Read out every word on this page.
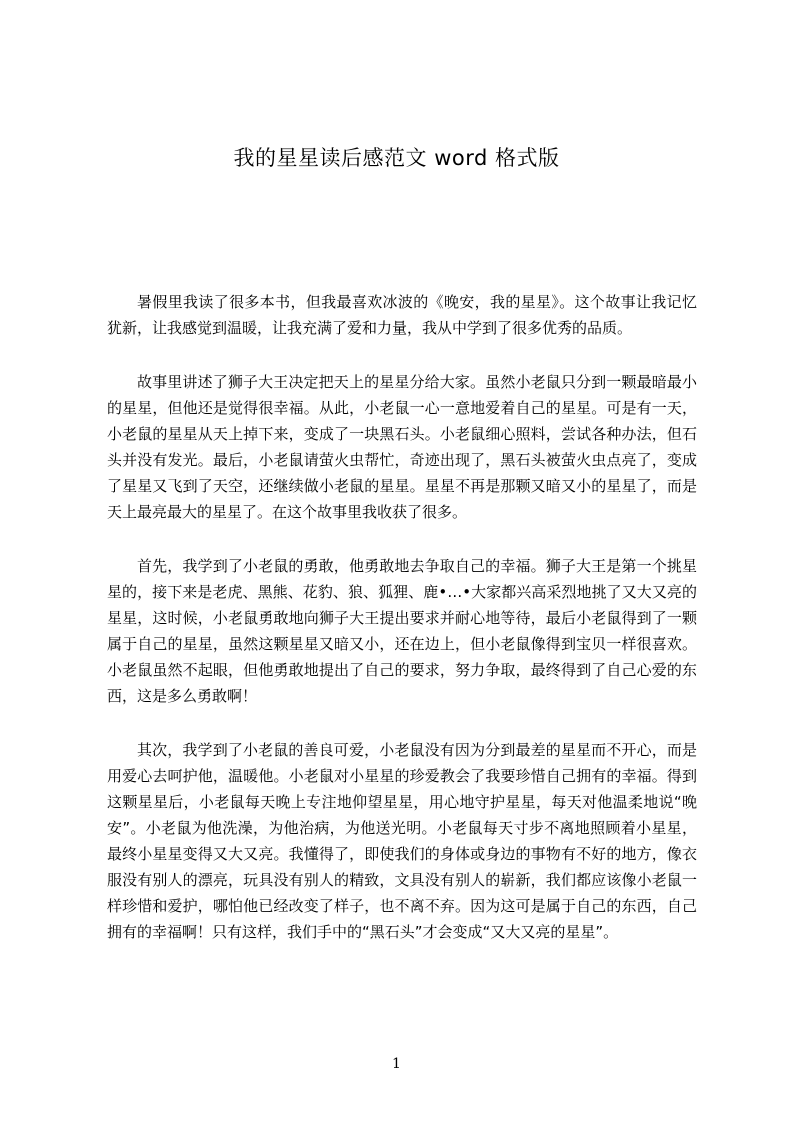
我的星星读后感范文 word 格式版

暑假里我读了很多本书，但我最喜欢冰波的《晚安，我的星星》。这个故事让我记忆犹新，让我感觉到温暖，让我充满了爱和力量，我从中学到了很多优秀的品质。

故事里讲述了狮子大王决定把天上的星星分给大家。虽然小老鼠只分到一颗最暗最小的星星，但他还是觉得很幸福。从此，小老鼠一心一意地爱着自己的星星。可是有一天，小老鼠的星星从天上掉下来，变成了一块黑石头。小老鼠细心照料，尝试各种办法，但石头并没有发光。最后，小老鼠请萤火虫帮忙，奇迹出现了，黑石头被萤火虫点亮了，变成了星星又飞到了天空，还继续做小老鼠的星星。星星不再是那颗又暗又小的星星了，而是天上最亮最大的星星了。在这个故事里我收获了很多。

首先，我学到了小老鼠的勇敢，他勇敢地去争取自己的幸福。狮子大王是第一个挑星星的，接下来是老虎、黑熊、花豹、狼、狐狸、鹿•…•大家都兴高采烈地挑了又大又亮的星星，这时候，小老鼠勇敢地向狮子大王提出要求并耐心地等待，最后小老鼠得到了一颗属于自己的星星，虽然这颗星星又暗又小，还在边上，但小老鼠像得到宝贝一样很喜欢。小老鼠虽然不起眼，但他勇敢地提出了自己的要求，努力争取，最终得到了自己心爱的东西，这是多么勇敢啊！

其次，我学到了小老鼠的善良可爱，小老鼠没有因为分到最差的星星而不开心，而是用爱心去呵护他，温暖他。小老鼠对小星星的珍爱教会了我要珍惜自己拥有的幸福。得到这颗星星后，小老鼠每天晚上专注地仰望星星，用心地守护星星，每天对他温柔地说“晚安”。小老鼠为他洗澡，为他治病，为他送光明。小老鼠每天寸步不离地照顾着小星星，最终小星星变得又大又亮。我懂得了，即使我们的身体或身边的事物有不好的地方，像衣服没有别人的漂亮，玩具没有别人的精致，文具没有别人的崭新，我们都应该像小老鼠一样珍惜和爱护，哪怕他已经改变了样子，也不离不弃。因为这可是属于自己的东西，自己拥有的幸福啊！只有这样，我们手中的“黑石头”才会变成“又大又亮的星星”。

1
